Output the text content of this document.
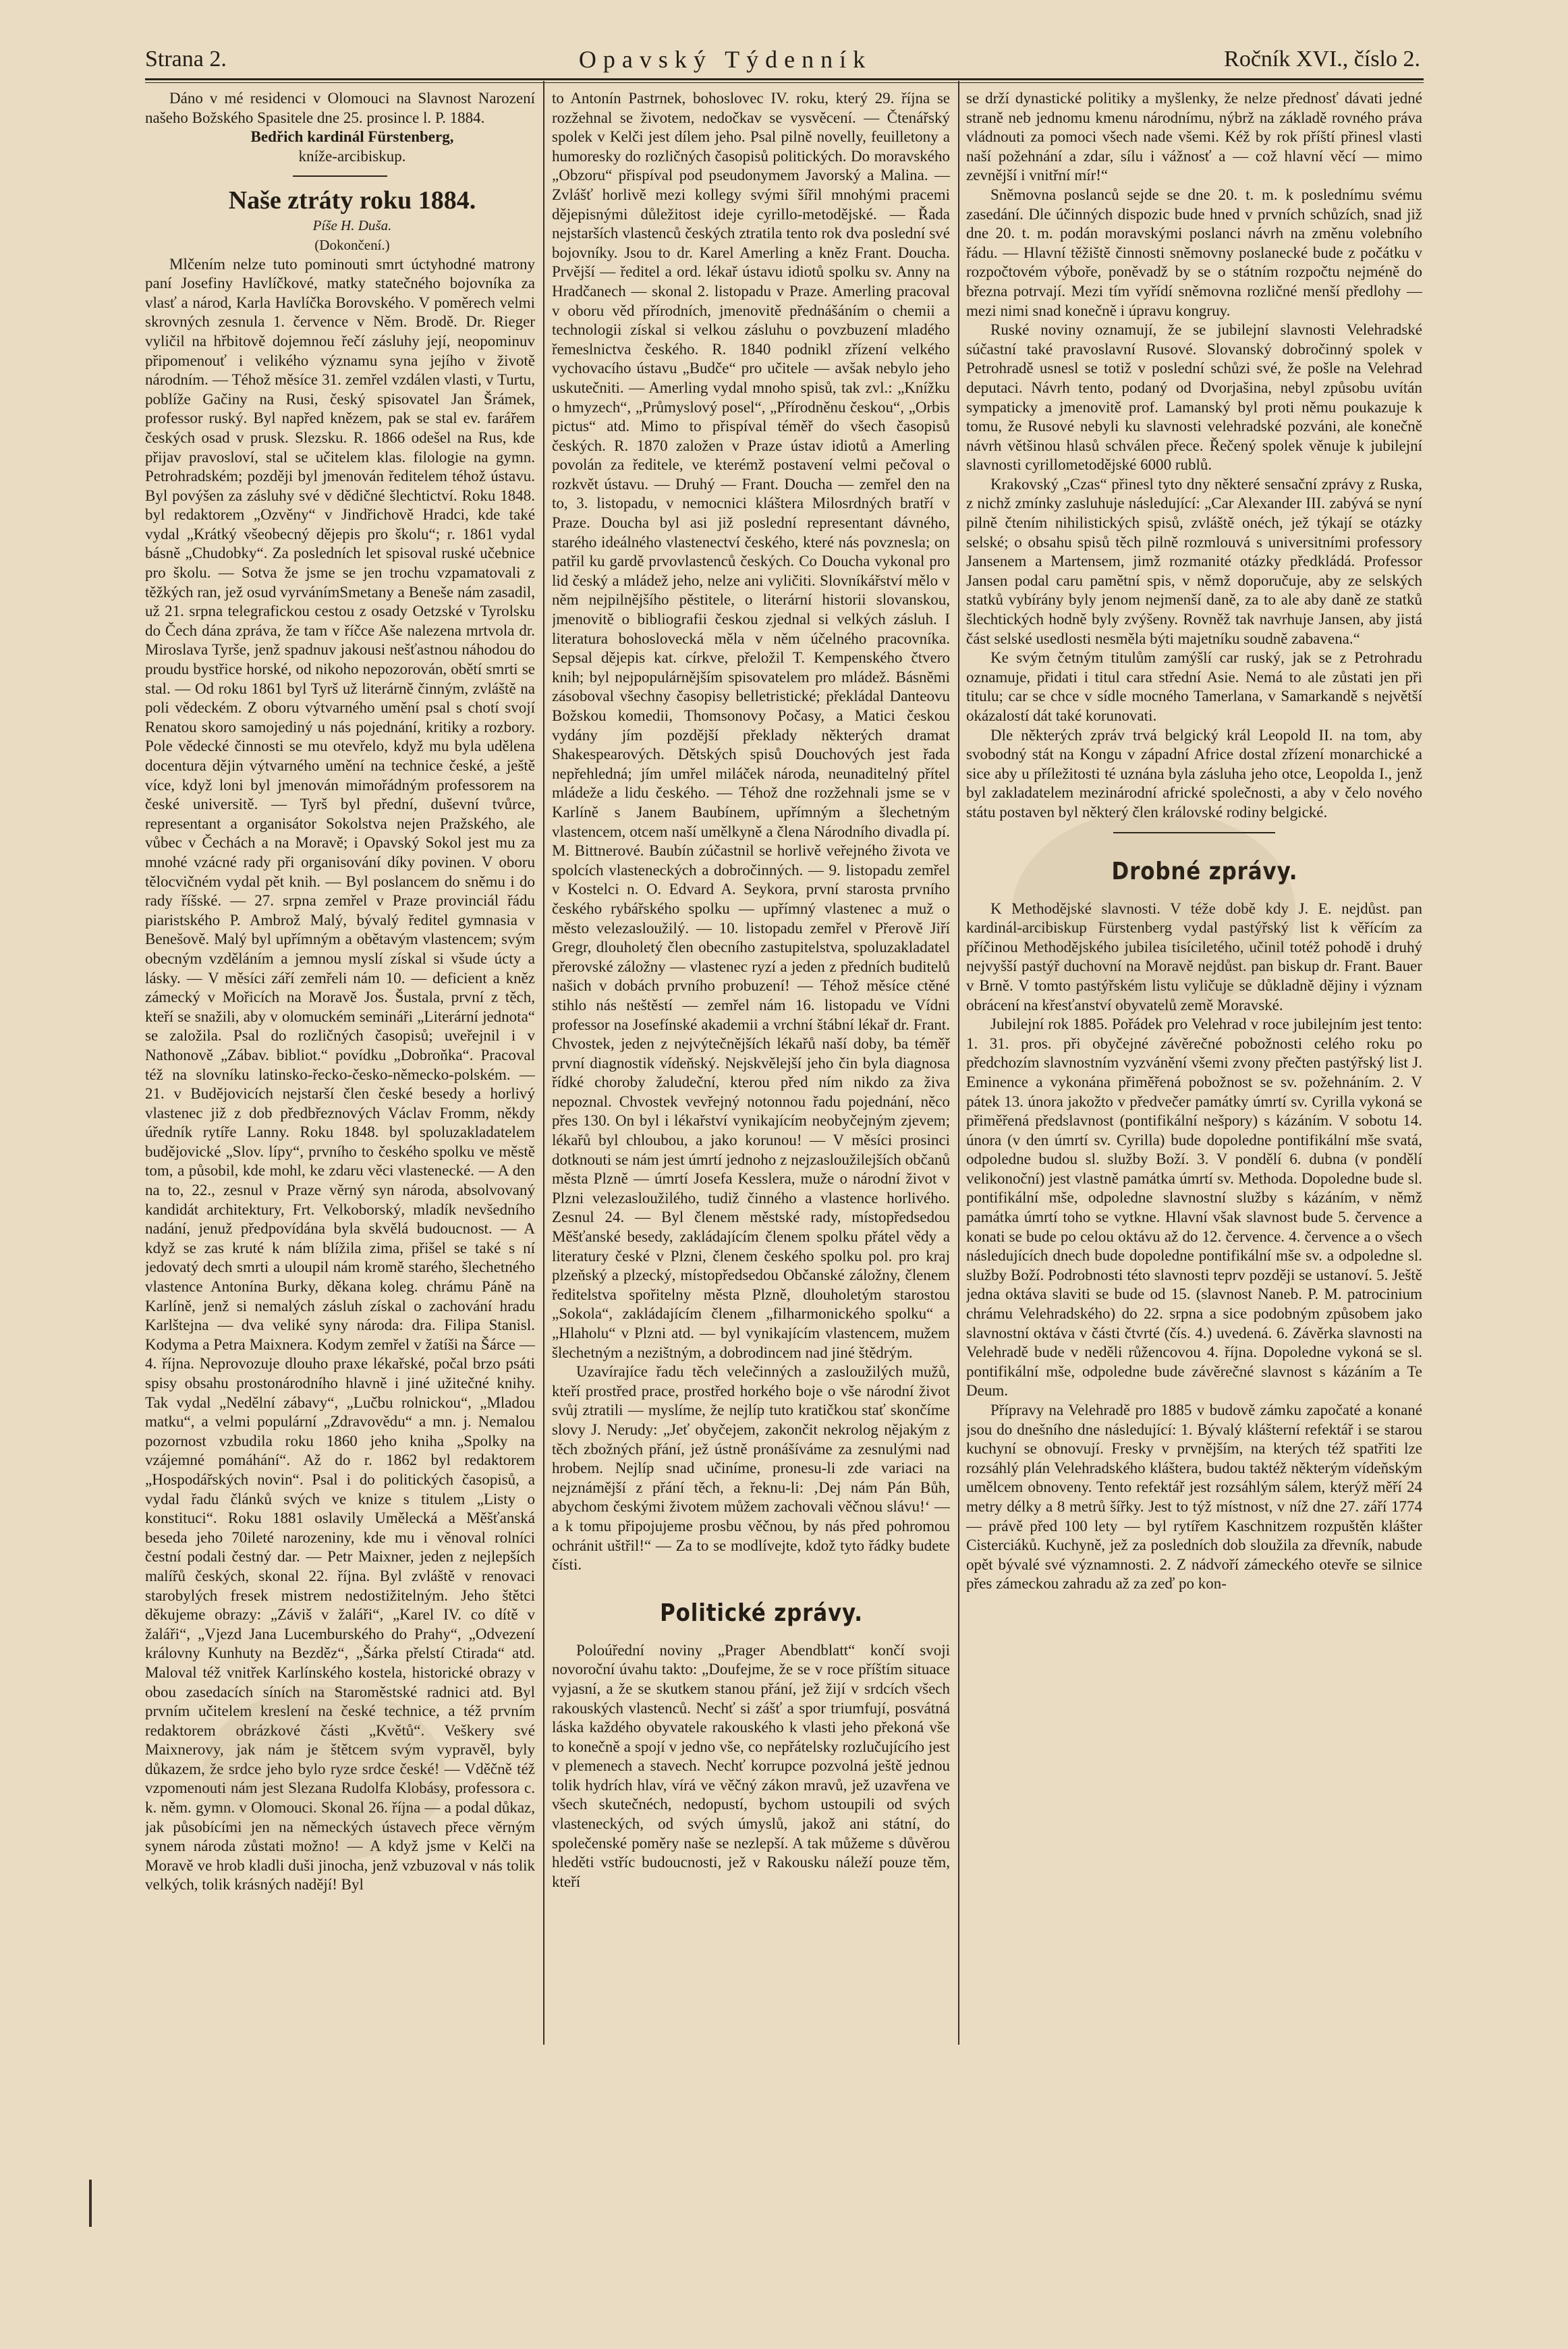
Strana 2.	Opavský Týdenník	Ročník XVI., číslo 2.

Dáno v mé residenci v Olomouci na Slavnost Narození našeho Božského Spasitele dne 25. prosince l. P. 1884.

Bedřich kardinál Fürstenberg,

kníže-arcibiskup.

Naše ztráty roku 1884.

Píše H. Duša.

(Dokončení.)

Mlčením nelze tuto pominouti smrt úctyhodné matrony paní Josefiny Havlíčkové, matky statečného bojovníka za vlasť a národ, Karla Havlíčka Borovského. V poměrech velmi skrovných zesnula 1. července v Něm. Brodě. Dr. Rieger vyličil na hřbitově dojemnou řečí zásluhy její, neopominuv připomenouť i velikého významu syna jejího v životě národním. — Téhož měsíce 31. zemřel vzdálen vlasti, v Turtu, poblíže Gačiny na Rusi, český spisovatel Jan Šrámek, professor ruský. Byl napřed knězem, pak se stal ev. farářem českých osad v prusk. Slezsku. R. 1866 odešel na Rus, kde přijav pravosloví, stal se učitelem klas. filologie na gymn. Petrohradském; později byl jmenován ředitelem téhož ústavu. Byl povýšen za zásluhy své v dědičné šlechtictví. Roku 1848. byl redaktorem „Ozvěny“ v Jindřichově Hradci, kde také vydal „Krátký všeobecný dějepis pro školu“; r. 1861 vydal básně „Chudobky“. Za posledních let spisoval ruské učebnice pro školu. — Sotva že jsme se jen trochu vzpamatovali z těžkých ran, jež osud vyrvánímSmetany a Beneše nám zasadil, už 21. srpna telegrafickou cestou z osady Oetzské v Tyrolsku do Čech dána zpráva, že tam v říčce Aše nalezena mrtvola dr. Miroslava Tyrše, jenž spadnuv jakousi nešťastnou náhodou do proudu bystřice horské, od nikoho nepozorován, obětí smrti se stal. — Od roku 1861 byl Tyrš už literárně činným, zvláště na poli vědeckém. Z oboru výtvarného umění psal s chotí svojí Renatou skoro samojediný u nás pojednání, kritiky a rozbory. Pole vědecké činnosti se mu otevřelo, když mu byla udělena docentura dějin výtvarného umění na technice české, a ještě více, když loni byl jmenován mimořádným professorem na české universitě. — Tyrš byl přední, duševní tvůrce, representant a organisátor Sokolstva nejen Pražského, ale vůbec v Čechách a na Moravě; i Opavský Sokol jest mu za mnohé vzácné rady při organisování díky povinen. V oboru tělocvičném vydal pět knih. — Byl poslancem do sněmu i do rady říšské. — 27. srpna zemřel v Praze provinciál řádu piaristského P. Ambrož Malý, bývalý ředitel gymnasia v Benešově. Malý byl upřímným a obětavým vlastencem; svým obecným vzděláním a jemnou myslí získal si všude úcty a lásky. — V měsíci září zemřeli nám 10. — deficient a kněz zámecký v Mořicích na Moravě Jos. Šustala, první z těch, kteří se snažili, aby v olomuckém semináři „Literární jednota“ se založila. Psal do rozličných časopisů; uveřejnil i v Nathonově „Zábav. bibliot.“ povídku „Dobroňka“. Pracoval též na slovníku latinsko-řecko-česko-německo-polském. — 21. v Budějovicích nejstarší člen české besedy a horlivý vlastenec již z dob předbřeznových Václav Fromm, někdy úředník rytíře Lanny. Roku 1848. byl spoluzakladatelem budějovické „Slov. lípy“, prvního to českého spolku ve městě tom, a působil, kde mohl, ke zdaru věci vlastenecké. — A den na to, 22., zesnul v Praze věrný syn národa, absolvovaný kandidát architektury, Frt. Velkoborský, mladík nevšedního nadání, jenuž předpovídána byla skvělá budoucnost. — A když se zas kruté k nám blížila zima, přišel se také s ní jedovatý dech smrti a uloupil nám kromě starého, šlechetného vlastence Antonína Burky, děkana koleg. chrámu Páně na Karlíně, jenž si nemalých zásluh získal o zachování hradu Karlštejna — dva veliké syny národa: dra. Filipa Stanisl. Kodyma a Petra Maixnera. Kodym zemřel v žatíši na Šárce — 4. října. Neprovozuje dlouho praxe lékařské, počal brzo psáti spisy obsahu prostonárodního hlavně i jiné užitečné knihy. Tak vydal „Nedělní zábavy“, „Lučbu rolnickou“, „Mladou matku“, a velmi populární „Zdravovědu“ a mn. j. Nemalou pozornost vzbudila roku 1860 jeho kniha „Spolky na vzájemné pomáhání“. Až do r. 1862 byl redaktorem „Hospodářských novin“. Psal i do politických časopisů, a vydal řadu článků svých ve knize s titulem „Listy o konstituci“. Roku 1881 oslavily Umělecká a Měšťanská beseda jeho 70ileté narozeniny, kde mu i věnoval rolníci čestní podali čestný dar. — Petr Maixner, jeden z nejlepších malířů českých, skonal 22. října. Byl zvláště v renovaci starobylých fresek mistrem nedostižitelným. Jeho štětci děkujeme obrazy: „Záviš v žaláři“, „Karel IV. co dítě v žaláři“, „Vjezd Jana Lucemburského do Prahy“, „Odvezení královny Kunhuty na Bezděz“, „Šárka přelstí Ctirada“ atd. Maloval též vnitřek Karlínského kostela, historické obrazy v obou zasedacích síních na Staroměstské radnici atd. Byl prvním učitelem kreslení na české technice, a též prvním redaktorem obrázkové části „Květů“. Veškery své Maixnerovy, jak nám je štětcem svým vypravěl, byly důkazem, že srdce jeho bylo ryze srdce české! — Vděčně též vzpomenouti nám jest Slezana Rudolfa Klobásy, professora c. k. něm. gymn. v Olomouci. Skonal 26. října — a podal důkaz, jak působícími jen na německých ústavech přece věrným synem národa zůstati možno! — A když jsme v Kelči na Moravě ve hrob kladli duši jinocha, jenž vzbuzoval v nás tolik velkých, tolik krásných nadějí! Byl

to Antonín Pastrnek, bohoslovec IV. roku, který 29. října se rozžehnal se životem, nedočkav se vysvěcení. — Čtenářský spolek v Kelči jest dílem jeho. Psal pilně novelly, feuilletony a humoresky do rozličných časopisů politických. Do moravského „Obzoru“ přispíval pod pseudonymem Javorský a Malina. — Zvlášť horlivě mezi kollegy svými šířil mnohými pracemi dějepisnými důležitost ideje cyrillo-metodějské. — Řada nejstarších vlastenců českých ztratila tento rok dva poslední své bojovníky. Jsou to dr. Karel Amerling a kněz Frant. Doucha. Prvější — ředitel a ord. lékař ústavu idiotů spolku sv. Anny na Hradčanech — skonal 2. listopadu v Praze. Amerling pracoval v oboru věd přírodních, jmenovitě přednášáním o chemii a technologii získal si velkou zásluhu o povzbuzení mladého řemeslnictva českého. R. 1840 podnikl zřízení velkého vychovacího ústavu „Budče“ pro učitele — avšak nebylo jeho uskutečniti. — Amerling vydal mnoho spisů, tak zvl.: „Knížku o hmyzech“, „Průmyslový posel“, „Přírodněnu českou“, „Orbis pictus“ atd. Mimo to přispíval téměř do všech časopisů českých. R. 1870 založen v Praze ústav idiotů a Amerling povolán za ředitele, ve kterémž postavení velmi pečoval o rozkvět ústavu. — Druhý — Frant. Doucha — zemřel den na to, 3. listopadu, v nemocnici kláštera Milosrdných bratří v Praze. Doucha byl asi již poslední representant dávného, starého ideálného vlastenectví českého, které nás povznesla; on patřil ku gardě prvovlastenců českých. Co Doucha vykonal pro lid český a mládež jeho, nelze ani vyličiti. Slovníkářství mělo v něm nejpilnějšího pěstitele, o literární historii slovanskou, jmenovitě o bibliografii českou zjednal si velkých zásluh. I literatura bohoslovecká měla v něm účelného pracovníka. Sepsal dějepis kat. církve, přeložil T. Kempenského čtvero knih; byl nejpopulárnějším spisovatelem pro mládež. Básněmi zásoboval všechny časopisy belletristické; překládal Danteovu Božskou komedii, Thomsonovy Počasy, a Matici českou vydány jím pozdější překlady některých dramat Shakespearových. Dětských spisů Douchových jest řada nepřehledná; jím umřel miláček národa, neunaditelný přítel mládeže a lidu českého. — Téhož dne rozžehnali jsme se v Karlíně s Janem Baubínem, upřímným a šlechetným vlastencem, otcem naší umělkyně a člena Národního divadla pí. M. Bittnerové. Baubín zúčastnil se horlivě veřejného života ve spolcích vlasteneckých a dobročinných. — 9. listopadu zemřel v Kostelci n. O. Edvard A. Seykora, první starosta prvního českého rybářského spolku — upřímný vlastenec a muž o město velezasloužilý. — 10. listopadu zemřel v Přerově Jiří Gregr, dlouholetý člen obecního zastupitelstva, spoluzakladatel přerovské záložny — vlastenec ryzí a jeden z předních buditelů našich v dobách prvního probuzení! — Téhož měsíce ctěné stihlo nás neštěstí — zemřel nám 16. listopadu ve Vídni professor na Josefínské akademii a vrchní štábní lékař dr. Frant. Chvostek, jeden z nejvýtečnějších lékařů naší doby, ba téměř první diagnostik vídeňský. Nejskvělejší jeho čin byla diagnosa řídké choroby žaludeční, kterou před ním nikdo za živa nepoznal. Chvostek vevřejný notonnou řadu pojednání, něco přes 130. On byl i lékařství vynikajícím neobyčejným zjevem; lékařů byl chloubou, a jako korunou! — V měsíci prosinci dotknouti se nám jest úmrtí jednoho z nejzasloužilejších občanů města Plzně — úmrtí Josefa Kesslera, muže o národní život v Plzni velezasloužilého, tudiž činného a vlastence horlivého. Zesnul 24. — Byl členem městské rady, místopředsedou Měšťanské besedy, zakládajícím členem spolku přátel vědy a literatury české v Plzni, členem českého spolku pol. pro kraj plzeňský a plzecký, místopředsedou Občanské záložny, členem ředitelstva spořitelny města Plzně, dlouholetým starostou „Sokola“, zakládajícím členem „filharmonického spolku“ a „Hlaholu“ v Plzni atd. — byl vynikajícím vlastencem, mužem šlechetným a nezištným, a dobrodincem nad jiné štědrým.

Uzavírajíce řadu těch velečinných a zasloužilých mužů, kteří prostřed prace, prostřed horkého boje o vše národní život svůj ztratili — myslíme, že nejlíp tuto kratičkou stať skončíme slovy J. Nerudy: „Jeť obyčejem, zakončit nekrolog nějakým z těch zbožných přání, jež ústně pronášíváme za zesnulými nad hrobem. Nejlíp snad učiníme, pronesu-li zde variaci na nejznámější z přání těch, a řeknu-li: ‚Dej nám Pán Bůh, abychom českými životem můžem zachovali věčnou slávu!‘ — a k tomu připojujeme prosbu věčnou, by nás před pohromou ochránit uštřil!“ — Za to se modlívejte, kdož tyto řádky budete čísti.

Politické zprávy.

Poloúřední noviny „Prager Abendblatt“ končí svoji novoroční úvahu takto: „Doufejme, že se v roce příštím situace vyjasní, a že se skutkem stanou přání, jež žijí v srdcích všech rakouských vlastenců. Nechť si zášť a spor triumfují, posvátná láska každého obyvatele rakouského k vlasti jeho překoná vše to konečně a spojí v jedno vše, co nepřátelsky rozlučujícího jest v plemenech a stavech. Nechť korrupce pozvolná ještě jednou tolik hydrích hlav, vírá ve věčný zákon mravů, jež uzavřena ve všech skutečnéch, nedopustí, bychom ustoupili od svých vlasteneckých, od svých úmyslů, jakož ani státní, do společenské poměry naše se nezlepší. A tak můžeme s důvěrou hleděti vstříc budoucnosti, jež v Rakousku náleží pouze těm, kteří

se drží dynastické politiky a myšlenky, že nelze přednosť dávati jedné straně neb jednomu kmenu národnímu, nýbrž na základě rovného práva vládnouti za pomoci všech nade všemi. Kéž by rok příští přinesl vlasti naší požehnání a zdar, sílu i vážnosť a — což hlavní věcí — mimo zevnější i vnitřní mír!“

Sněmovna poslanců sejde se dne 20. t. m. k poslednímu svému zasedání. Dle účinných dispozic bude hned v prvních schůzích, snad již dne 20. t. m. podán moravskými poslanci návrh na změnu volebního řádu. — Hlavní těžiště činnosti sněmovny poslanecké bude z počátku v rozpočtovém výboře, poněvadž by se o státním rozpočtu nejméně do března potrvají. Mezi tím vyřídí sněmovna rozličné menší předlohy — mezi nimi snad konečně i úpravu kongruy.

Ruské noviny oznamují, že se jubilejní slavnosti Velehradské súčastní také pravoslavní Rusové. Slovanský dobročinný spolek v Petrohradě usnesl se totiž v poslední schůzi své, že pošle na Velehrad deputaci. Návrh tento, podaný od Dvorjašina, nebyl způsobu uvítán sympaticky a jmenovitě prof. Lamanský byl proti němu poukazuje k tomu, že Rusové nebyli ku slavnosti velehradské pozváni, ale konečně návrh většinou hlasů schválen přece. Řečený spolek věnuje k jubilejní slavnosti cyrillometodějské 6000 rublů.

Krakovský „Czas“ přinesl tyto dny některé sensační zprávy z Ruska, z nichž zmínky zasluhuje následující: „Car Alexander III. zabývá se nyní pilně čtením nihilistických spisů, zvláště onéch, jež týkají se otázky selské; o obsahu spisů těch pilně rozmlouvá s universitními professory Jansenem a Martensem, jimž rozmanité otázky předkládá. Professor Jansen podal caru pamětní spis, v němž doporučuje, aby ze selských statků vybírány byly jenom nejmenší daně, za to ale aby daně ze statků šlechtických hodně byly zvýšeny. Rovněž tak navrhuje Jansen, aby jistá část selské usedlosti nesměla býti majetníku soudně zabavena.“

Ke svým četným titulům zamýšlí car ruský, jak se z Petrohradu oznamuje, přidati i titul cara střední Asie. Nemá to ale zůstati jen při titulu; car se chce v sídle mocného Tamerlana, v Samarkandě s největší okázalostí dát také korunovati.

Dle některých zpráv trvá belgický král Leopold II. na tom, aby svobodný stát na Kongu v západní Africe dostal zřízení monarchické a sice aby u příležitosti té uznána byla zásluha jeho otce, Leopolda I., jenž byl zakladatelem mezinárodní africké společnosti, a aby v čelo nového státu postaven byl některý člen královské rodiny belgické.

Drobné zprávy.

K Methodějské slavnosti. V téže době kdy J. E. nejdůst. pan kardinál-arcibiskup Fürstenberg vydal pastýřský list k věřícím za příčinou Methodějského jubilea tisíciletého, učinil totéž pohodě i druhý nejvyšší pastýř duchovní na Moravě nejdůst. pan biskup dr. Frant. Bauer v Brně. V tomto pastýřském listu vyličuje se důkladně dějiny i význam obrácení na křesťanství obyvatelů země Moravské.

Jubilejní rok 1885. Pořádek pro Velehrad v roce jubilejním jest tento: 1. 31. pros. při obyčejné závěrečné pobožnosti celého roku po předchozím slavnostním vyzvánění všemi zvony přečten pastýřský list J. Eminence a vykonána přiměřená pobožnost se sv. požehnáním. 2. V pátek 13. února jakožto v předvečer památky úmrtí sv. Cyrilla vykoná se přiměřená předslavnost (pontifikální nešpory) s kázáním. V sobotu 14. února (v den úmrtí sv. Cyrilla) bude dopoledne pontifikální mše svatá, odpoledne budou sl. služby Boží. 3. V pondělí 6. dubna (v pondělí velikonoční) jest vlastně památka úmrtí sv. Methoda. Dopoledne bude sl. pontifikální mše, odpoledne slavnostní služby s kázáním, v němž památka úmrtí toho se vytkne. Hlavní však slavnost bude 5. července a konati se bude po celou oktávu až do 12. července. 4. července a o všech následujících dnech bude dopoledne pontifikální mše sv. a odpoledne sl. služby Boží. Podrobnosti této slavnosti teprv později se ustanoví. 5. Ještě jedna oktáva slaviti se bude od 15. (slavnost Naneb. P. M. patrocinium chrámu Velehradského) do 22. srpna a sice podobným způsobem jako slavnostní oktáva v části čtvrté (čís. 4.) uvedená. 6. Závěrka slavnosti na Velehradě bude v neděli růžencovou 4. října. Dopoledne vykoná se sl. pontifikální mše, odpoledne bude závěrečné slavnost s kázáním a Te Deum.

Přípravy na Velehradě pro 1885 v budově zámku započaté a konané jsou do dnešního dne následující: 1. Bývalý klášterní refektář i se starou kuchyní se obnovují. Fresky v prvnějším, na kterých též spatřiti lze rozsáhlý plán Velehradského kláštera, budou taktéž některým vídeňským umělcem obnoveny. Tento refektář jest rozsáhlým sálem, kterýž měří 24 metry délky a 8 metrů šířky. Jest to týž místnost, v níž dne 27. září 1774 — právě před 100 lety — byl rytířem Kaschnitzem rozpuštěn klášter Cisterciáků. Kuchyně, jež za posledních dob sloužila za dřevník, nabude opět bývalé své významnosti. 2. Z nádvoří zámeckého otevře se silnice přes zámeckou zahradu až za zeď po kon-
